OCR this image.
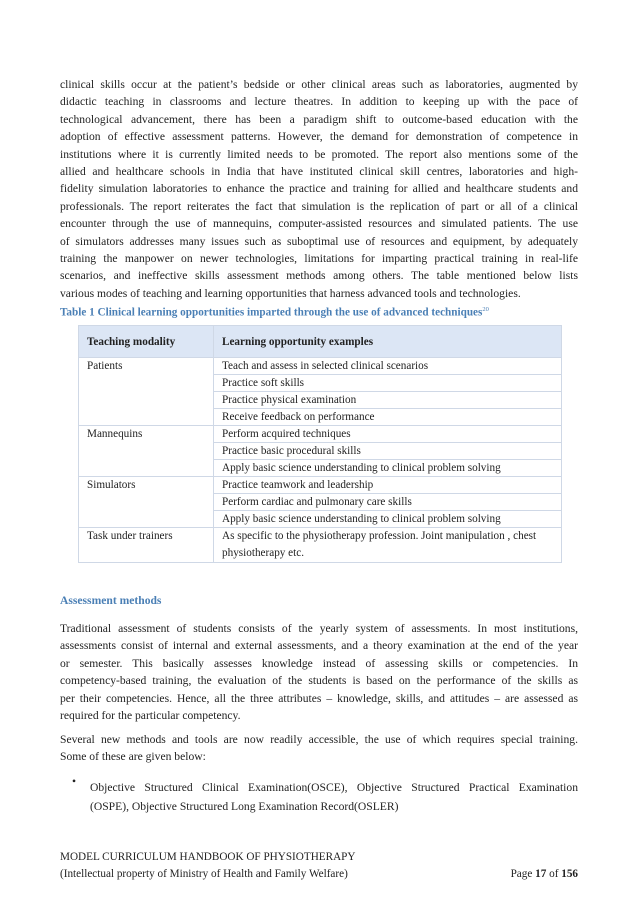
clinical skills occur at the patient’s bedside or other clinical areas such as laboratories, augmented by
didactic teaching in classrooms and lecture theatres. In addition to keeping up with the pace of
technological advancement, there has been a paradigm shift to outcome-based education with the
adoption of effective assessment patterns. However, the demand for demonstration of competence in
institutions where it is currently limited needs to be promoted. The report also mentions some of the
allied and healthcare schools in India that have instituted clinical skill centres, laboratories and high-
fidelity simulation laboratories to enhance the practice and training for allied and healthcare students and
professionals. The report reiterates the fact that simulation is the replication of part or all of a clinical
encounter through the use of mannequins, computer-assisted resources and simulated patients. The use
of simulators addresses many issues such as suboptimal use of resources and equipment, by adequately
training the manpower on newer technologies, limitations for imparting practical training in real-life
scenarios, and ineffective skills assessment methods among others. The table mentioned below lists
various modes of teaching and learning opportunities that harness advanced tools and technologies.
Table 1 Clinical learning opportunities imparted through the use of advanced techniques$^{20}$
Teaching modality	Learning opportunity examples
Patients	Teach and assess in selected clinical scenarios
	Practice soft skills
	Practice physical examination
	Receive feedback on performance
Mannequins	Perform acquired techniques
	Practice basic procedural skills
	Apply basic science understanding to clinical problem solving
Simulators	Practice teamwork and leadership
	Perform cardiac and pulmonary care skills
	Apply basic science understanding to clinical problem solving
Task under trainers	As specific to the physiotherapy profession. Joint manipulation , chest physiotherapy etc.
Assessment methods
Traditional assessment of students consists of the yearly system of assessments. In most institutions,
assessments consist of internal and external assessments, and a theory examination at the end of the year
or semester. This basically assesses knowledge instead of assessing skills or competencies. In
competency-based training, the evaluation of the students is based on the performance of the skills as
per their competencies. Hence, all the three attributes – knowledge, skills, and attitudes – are assessed as
required for the particular competency.
Several new methods and tools are now readily accessible, the use of which requires special training.
Some of these are given below:
• Objective Structured Clinical Examination(OSCE), Objective Structured Practical Examination
(OSPE), Objective Structured Long Examination Record(OSLER)
MODEL CURRICULUM HANDBOOK OF PHYSIOTHERAPY
(Intellectual property of Ministry of Health and Family Welfare)	Page 17 of 156
